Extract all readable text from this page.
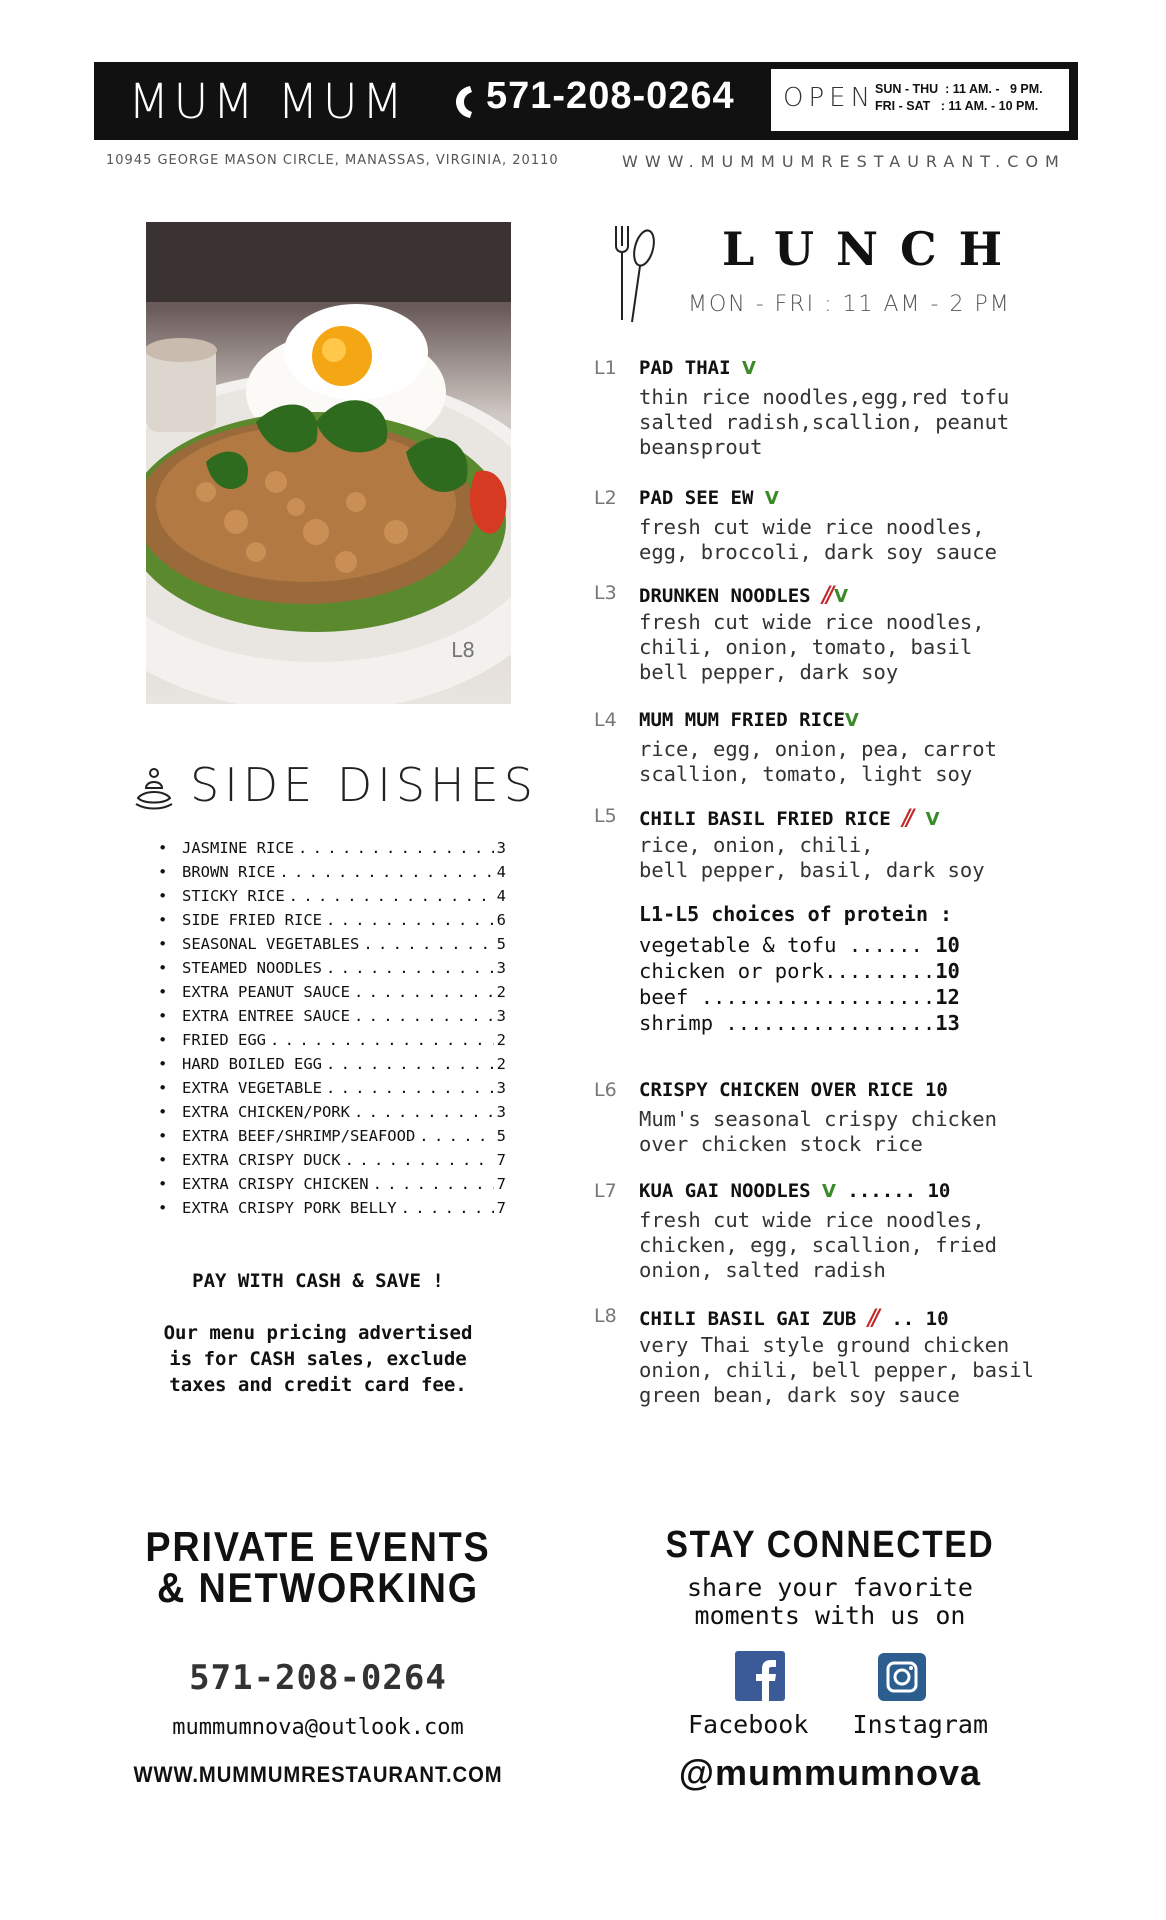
MUM MUM 571-208-0264 OPEN SUN - THU  : 11 AM. -   9 PM.
FRI - SAT   : 11 AM. - 10 PM.
10945 GEORGE MASON CIRCLE, MANASSAS, VIRGINIA, 20110	WWW.MUMMUMRESTAURANT.COM
L8
SIDE DISHES
• JASMINE RICE . . .	3
• BROWN RICE . . .	4
• STICKY RICE . . .	4
• SIDE FRIED RICE . . .	6
• SEASONAL VEGETABLES . . .	5
• STEAMED NOODLES . . .	3
• EXTRA PEANUT SAUCE . . .	2
• EXTRA ENTREE SAUCE . . .	3
• FRIED EGG . . .	2
• HARD BOILED EGG . . .	2
• EXTRA VEGETABLE . . .	3
• EXTRA CHICKEN/PORK . . .	3
• EXTRA BEEF/SHRIMP/SEAFOOD . . .	5
• EXTRA CRISPY DUCK . . .	7
• EXTRA CRISPY CHICKEN . . .	7
• EXTRA CRISPY PORK BELLY . . .	7
PAY WITH CASH & SAVE !
Our menu pricing advertised is for CASH sales, exclude taxes and credit card fee.
LUNCH
MON - FRI : 11 AM - 2 PM
L1 PAD THAI V
thin rice noodles,egg,red tofu
salted radish,scallion, peanut
beansprout
L2 PAD SEE EW V
fresh cut wide rice noodles,
egg, broccoli, dark soy sauce
L3 DRUNKEN NOODLES // V
fresh cut wide rice noodles,
chili, onion, tomato, basil
bell pepper, dark soy
L4 MUM MUM FRIED RICEV
rice, egg, onion, pea, carrot
scallion, tomato, light soy
L5 CHILI BASIL FRIED RICE // V
rice, onion, chili,
bell pepper, basil, dark soy
L1-L5 choices of protein :
vegetable & tofu ...... 10
chicken or pork.........10
beef ...................12
shrimp .................13
L6 CRISPY CHICKEN OVER RICE 10
Mum's seasonal crispy chicken
over chicken stock rice
L7 KUA GAI NOODLES V ...... 10
fresh cut wide rice noodles,
chicken, egg, scallion, fried
onion, salted radish
L8 CHILI BASIL GAI ZUB // .. 10
very Thai style ground chicken
onion, chili, bell pepper, basil
green bean, dark soy sauce
PRIVATE EVENTS
& NETWORKING
571-208-0264
mummumnova@outlook.com
WWW.MUMMUMRESTAURANT.COM
STAY CONNECTED
share your favorite
moments with us on
Facebook Instagram
@mummumnova
